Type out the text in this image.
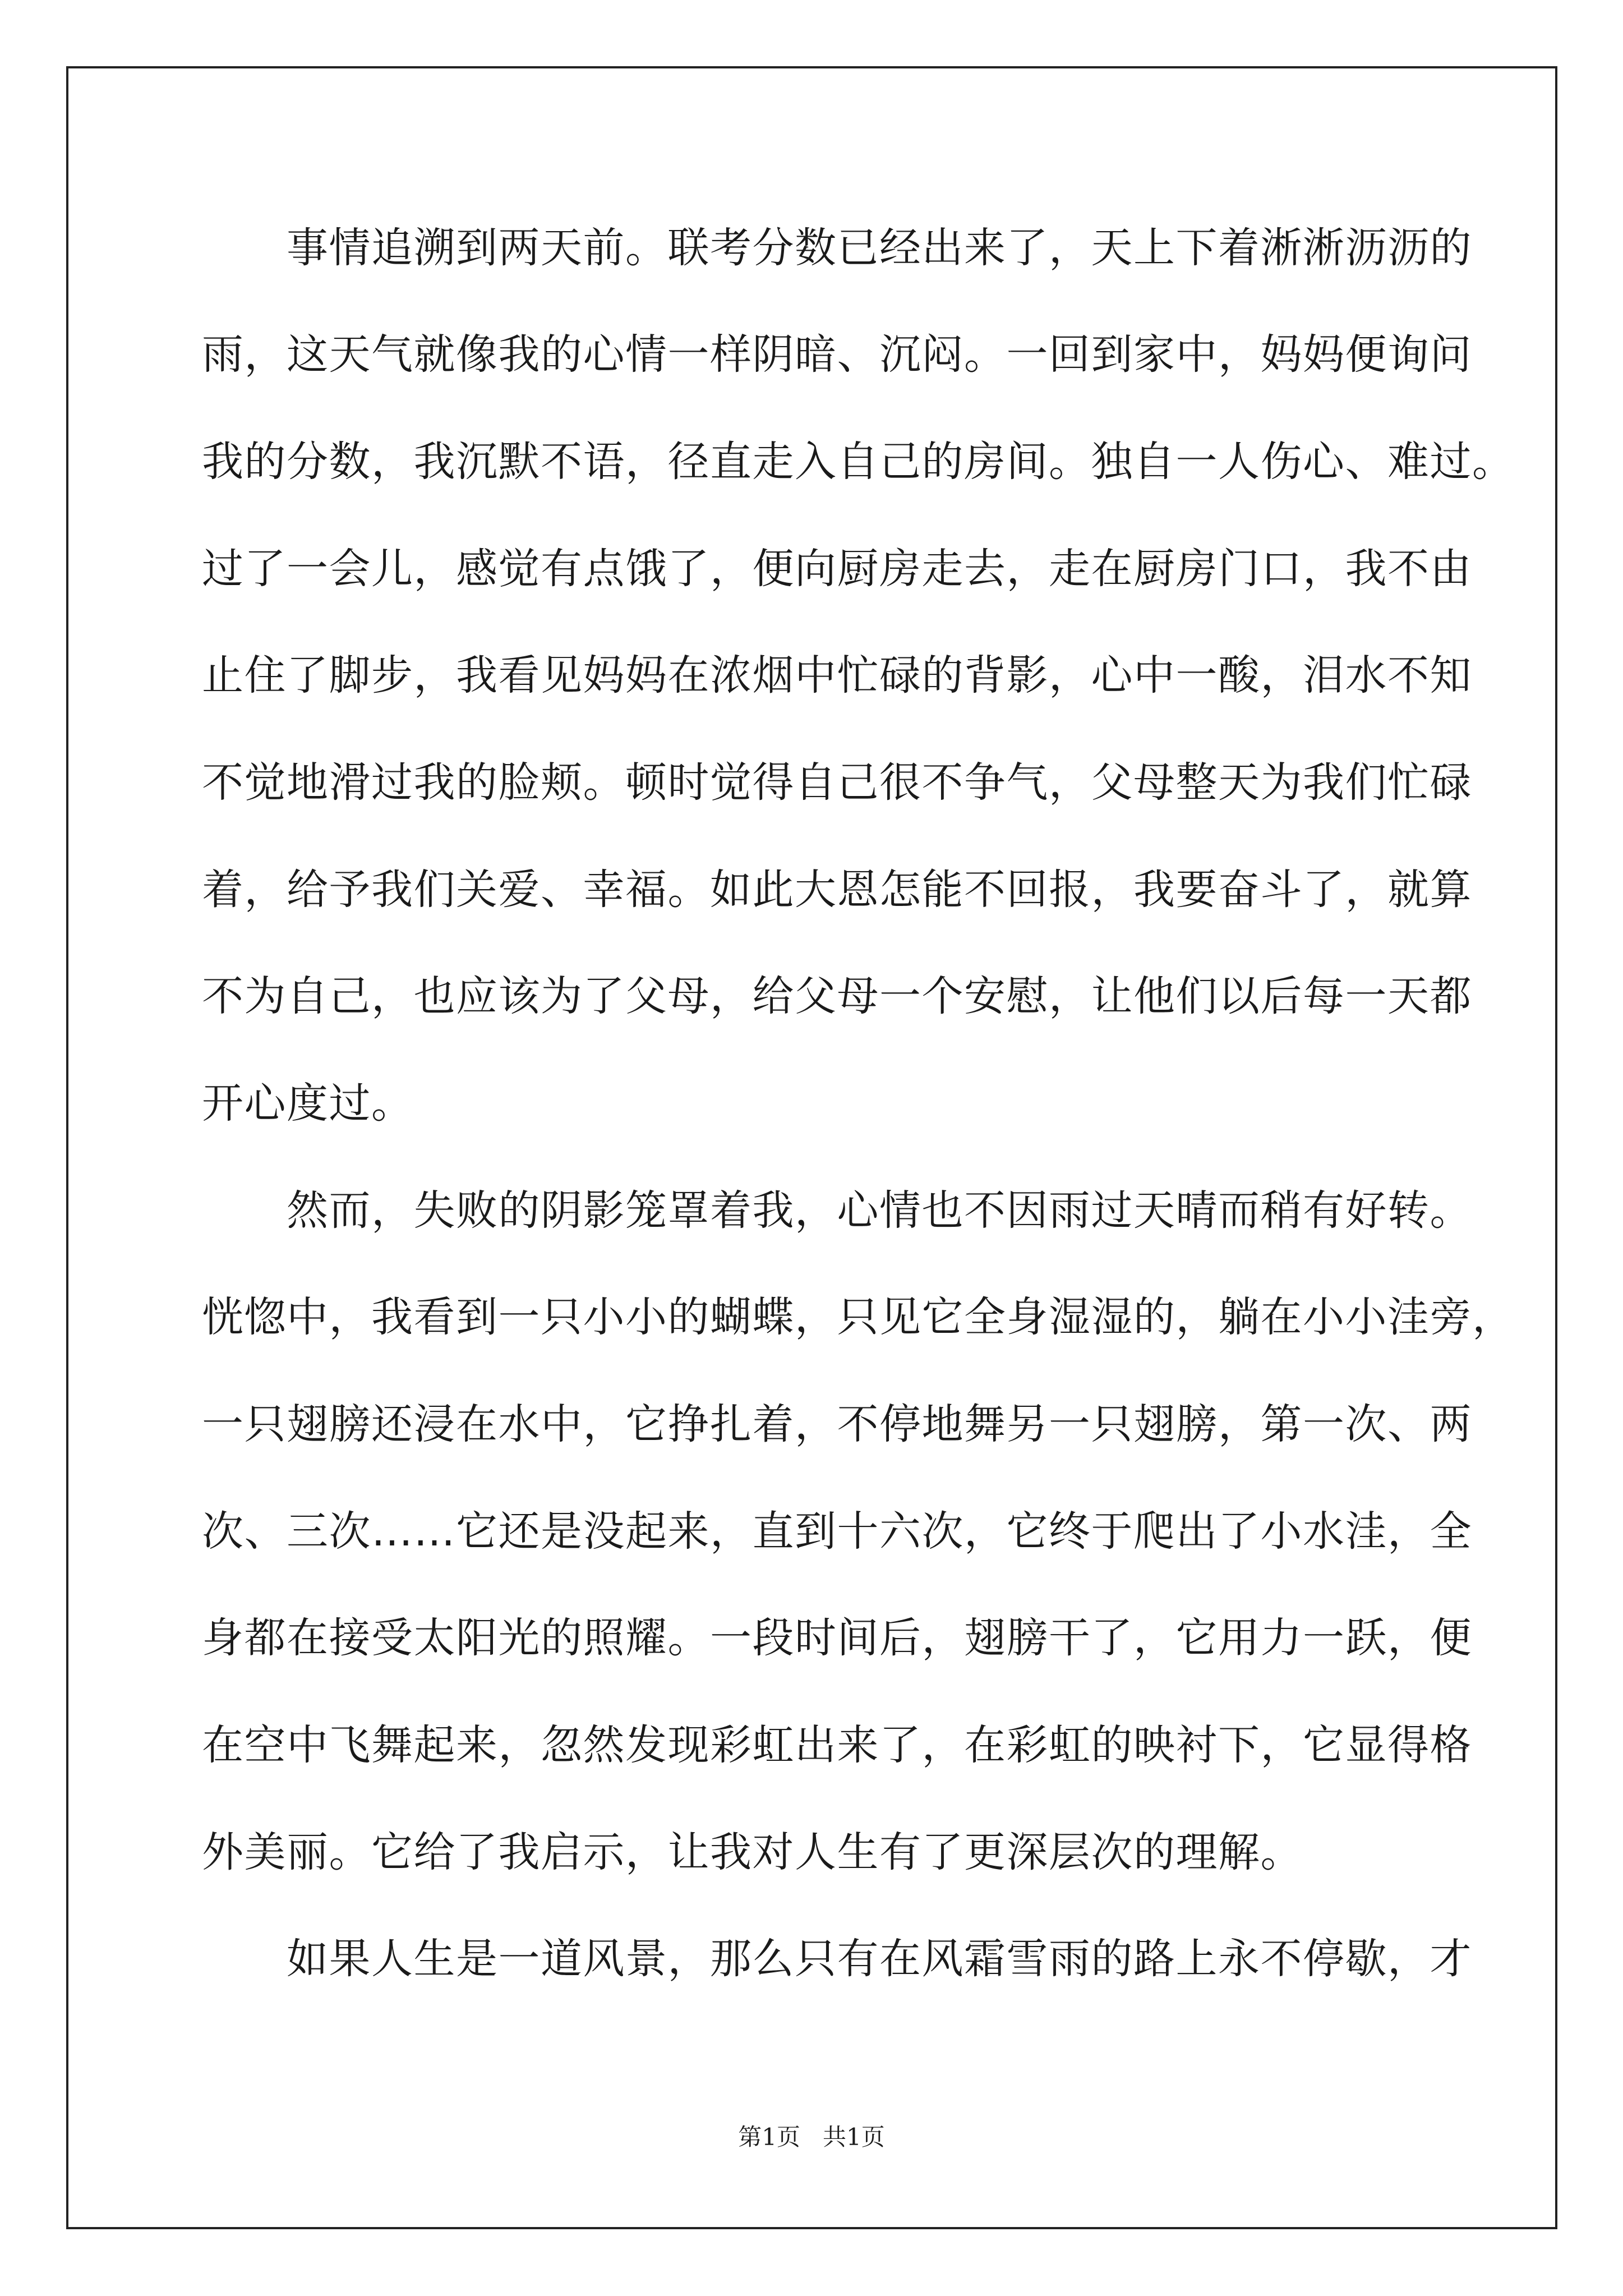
　　事情追溯到两天前。联考分数已经出来了，天上下着淅淅沥沥的
雨，这天气就像我的心情一样阴暗、沉闷。一回到家中，妈妈便询问
我的分数，我沉默不语，径直走入自己的房间。独自一人伤心、难过。
过了一会儿，感觉有点饿了，便向厨房走去，走在厨房门口，我不由
止住了脚步，我看见妈妈在浓烟中忙碌的背影，心中一酸，泪水不知
不觉地滑过我的脸颊。顿时觉得自己很不争气，父母整天为我们忙碌
着，给予我们关爱、幸福。如此大恩怎能不回报，我要奋斗了，就算
不为自己，也应该为了父母，给父母一个安慰，让他们以后每一天都
开心度过。
　　然而，失败的阴影笼罩着我，心情也不因雨过天晴而稍有好转。
恍惚中，我看到一只小小的蝴蝶，只见它全身湿湿的，躺在小小洼旁，
一只翅膀还浸在水中，它挣扎着，不停地舞另一只翅膀，第一次、两
次、三次……它还是没起来，直到十六次，它终于爬出了小水洼，全
身都在接受太阳光的照耀。一段时间后，翅膀干了，它用力一跃，便
在空中飞舞起来，忽然发现彩虹出来了，在彩虹的映衬下，它显得格
外美丽。它给了我启示，让我对人生有了更深层次的理解。
　　如果人生是一道风景，那么只有在风霜雪雨的路上永不停歇，才
第1页   共1页
